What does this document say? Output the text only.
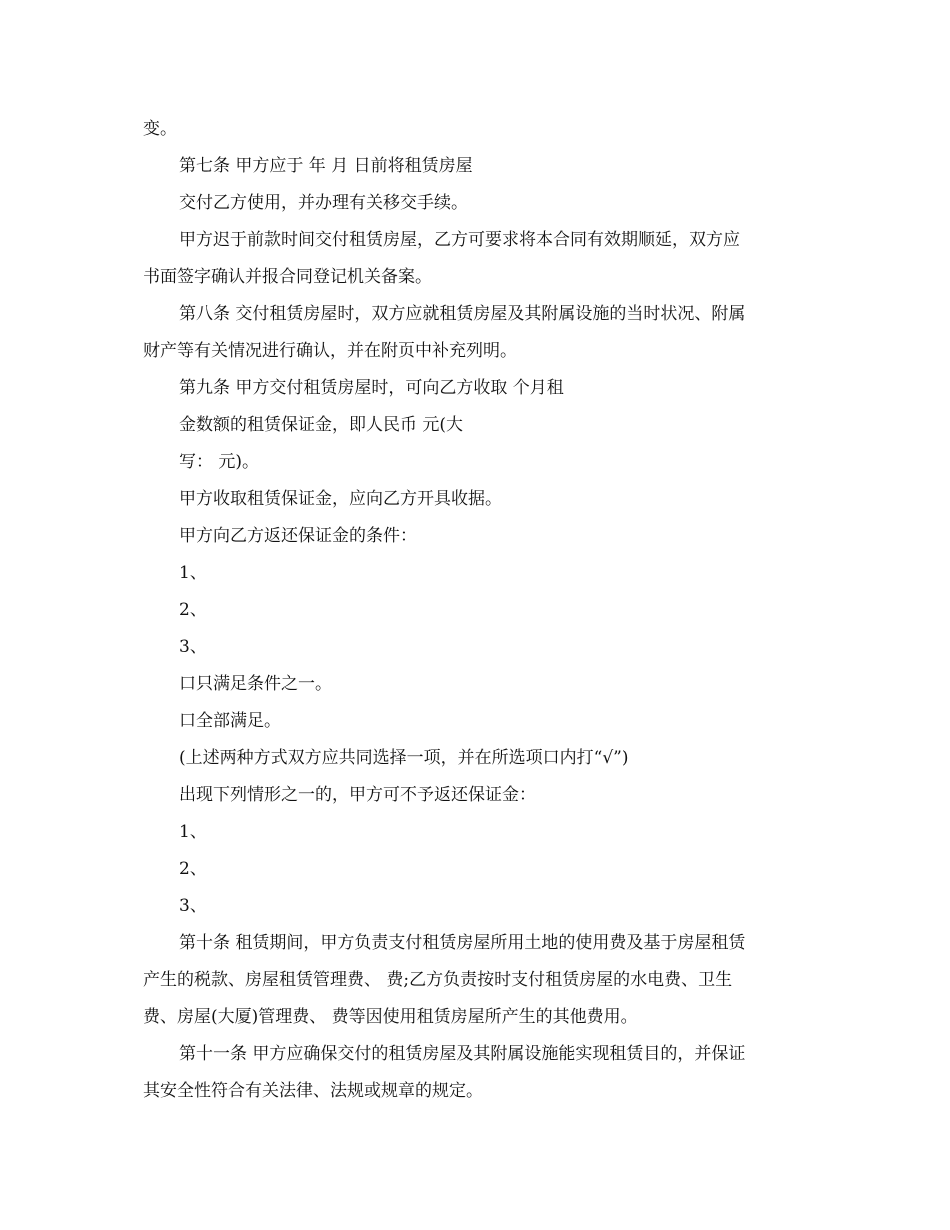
变。
第七条 甲方应于 年 月 日前将租赁房屋
交付乙方使用，并办理有关移交手续。
甲方迟于前款时间交付租赁房屋，乙方可要求将本合同有效期顺延，双方应
书面签字确认并报合同登记机关备案。
第八条 交付租赁房屋时，双方应就租赁房屋及其附属设施的当时状况、附属
财产等有关情况进行确认，并在附页中补充列明。
第九条 甲方交付租赁房屋时，可向乙方收取 个月租
金数额的租赁保证金，即人民币 元(大
写： 元)。
甲方收取租赁保证金，应向乙方开具收据。
甲方向乙方返还保证金的条件：
1、
2、
3、
口只满足条件之一。
口全部满足。
(上述两种方式双方应共同选择一项，并在所选项口内打“√”)
出现下列情形之一的，甲方可不予返还保证金：
1、
2、
3、
第十条 租赁期间，甲方负责支付租赁房屋所用土地的使用费及基于房屋租赁
产生的税款、房屋租赁管理费、 费;乙方负责按时支付租赁房屋的水电费、卫生
费、房屋(大厦)管理费、 费等因使用租赁房屋所产生的其他费用。
第十一条 甲方应确保交付的租赁房屋及其附属设施能实现租赁目的，并保证
其安全性符合有关法律、法规或规章的规定。
